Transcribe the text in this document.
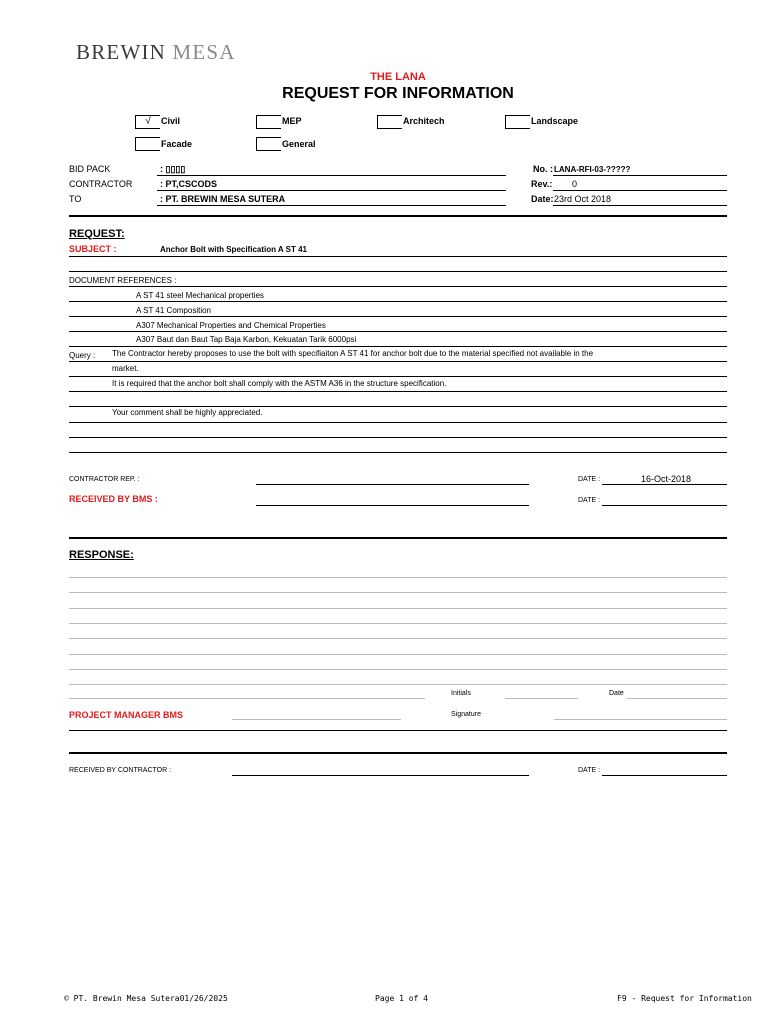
BREWIN MESA
THE LANA
REQUEST FOR INFORMATION
√	Civil	MEP	Architech	Landscape
Facade	General
BID PACK	: ▯▯▯▯
CONTRACTOR	: PT,CSCODS
TO	: PT. BREWIN MESA SUTERA
No. : LANA-RFI-03-?????
Rev.: 0
Date: 23rd Oct 2018
REQUEST:
SUBJECT :	Anchor Bolt with Specification A ST 41
DOCUMENT REFERENCES :
A ST 41 steel Mechanical properties
A ST 41 Composition
A307 Mechanical Properties and Chemical Properties
A307 Baut dan Baut Tap Baja Karbon, Kekuatan Tarik 6000psi
Query : The Contractor hereby proposes to use the bolt with specifiaiton A ST 41 for anchor bolt due to the material specified not available in the
market.
It is required that the anchor bolt shall comply with the ASTM A36 in the structure specification.
Your comment shall be highly appreciated.
CONTRACTOR REP. :	DATE :	16-Oct-2018
RECEIVED BY BMS :	DATE :
RESPONSE:
Initials	Date
PROJECT MANAGER BMS	Signature
RECEIVED BY CONTRACTOR :	DATE :
© PT. Brewin Mesa Sutera01/26/2025	Page 1 of 4	F9 - Request for Information
